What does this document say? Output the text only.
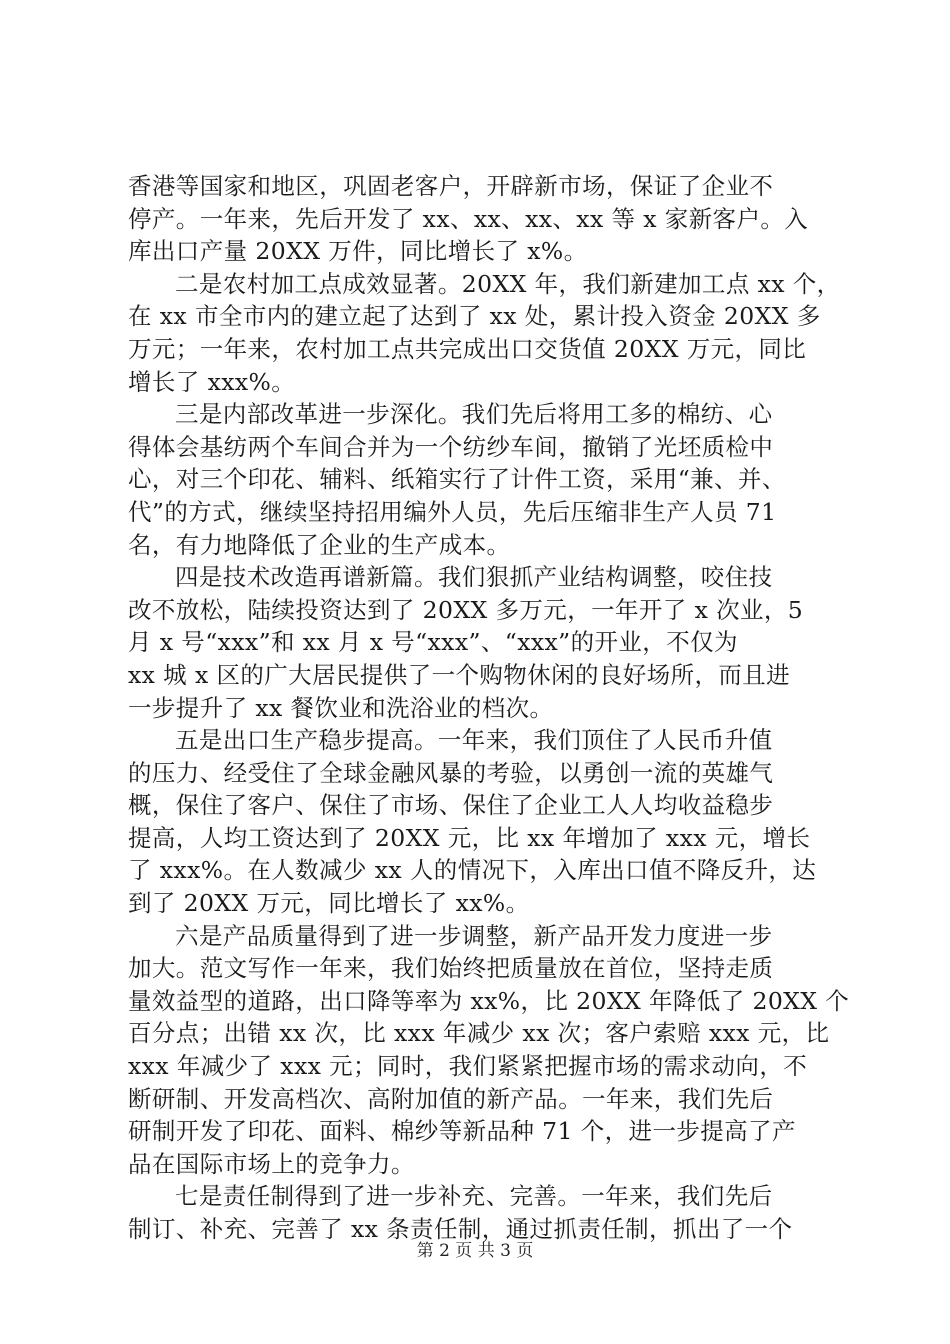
香港等国家和地区，巩固老客户，开辟新市场，保证了企业不
停产。一年来，先后开发了 xx、xx、xx、xx 等 x 家新客户。入
库出口产量 20XX 万件，同比增长了 x%。
二是农村加工点成效显著。20XX 年，我们新建加工点 xx 个，
在 xx 市全市内的建立起了达到了 xx 处，累计投入资金 20XX 多
万元；一年来，农村加工点共完成出口交货值 20XX 万元，同比
增长了 xxx%。
三是内部改革进一步深化。我们先后将用工多的棉纺、心
得体会基纺两个车间合并为一个纺纱车间，撤销了光坯质检中
心，对三个印花、辅料、纸箱实行了计件工资，采用“兼、并、
代”的方式，继续坚持招用编外人员，先后压缩非生产人员 71
名，有力地降低了企业的生产成本。
四是技术改造再谱新篇。我们狠抓产业结构调整，咬住技
改不放松，陆续投资达到了 20XX 多万元，一年开了 x 次业，5
月 x 号“xxx”和 xx 月 x 号“xxx”、“xxx”的开业，不仅为
xx 城 x 区的广大居民提供了一个购物休闲的良好场所，而且进
一步提升了 xx 餐饮业和洗浴业的档次。
五是出口生产稳步提高。一年来，我们顶住了人民币升值
的压力、经受住了全球金融风暴的考验，以勇创一流的英雄气
概，保住了客户、保住了市场、保住了企业工人人均收益稳步
提高，人均工资达到了 20XX 元，比 xx 年增加了 xxx 元，增长
了 xxx%。在人数减少 xx 人的情况下，入库出口值不降反升，达
到了 20XX 万元，同比增长了 xx%。
六是产品质量得到了进一步调整，新产品开发力度进一步
加大。范文写作一年来，我们始终把质量放在首位，坚持走质
量效益型的道路，出口降等率为 xx%，比 20XX 年降低了 20XX 个
百分点；出错 xx 次，比 xxx 年减少 xx 次；客户索赔 xxx 元，比
xxx 年减少了 xxx 元；同时，我们紧紧把握市场的需求动向，不
断研制、开发高档次、高附加值的新产品。一年来，我们先后
研制开发了印花、面料、棉纱等新品种 71 个，进一步提高了产
品在国际市场上的竞争力。
七是责任制得到了进一步补充、完善。一年来，我们先后
制订、补充、完善了 xx 条责任制，通过抓责任制，抓出了一个
第 2 页 共 3 页
